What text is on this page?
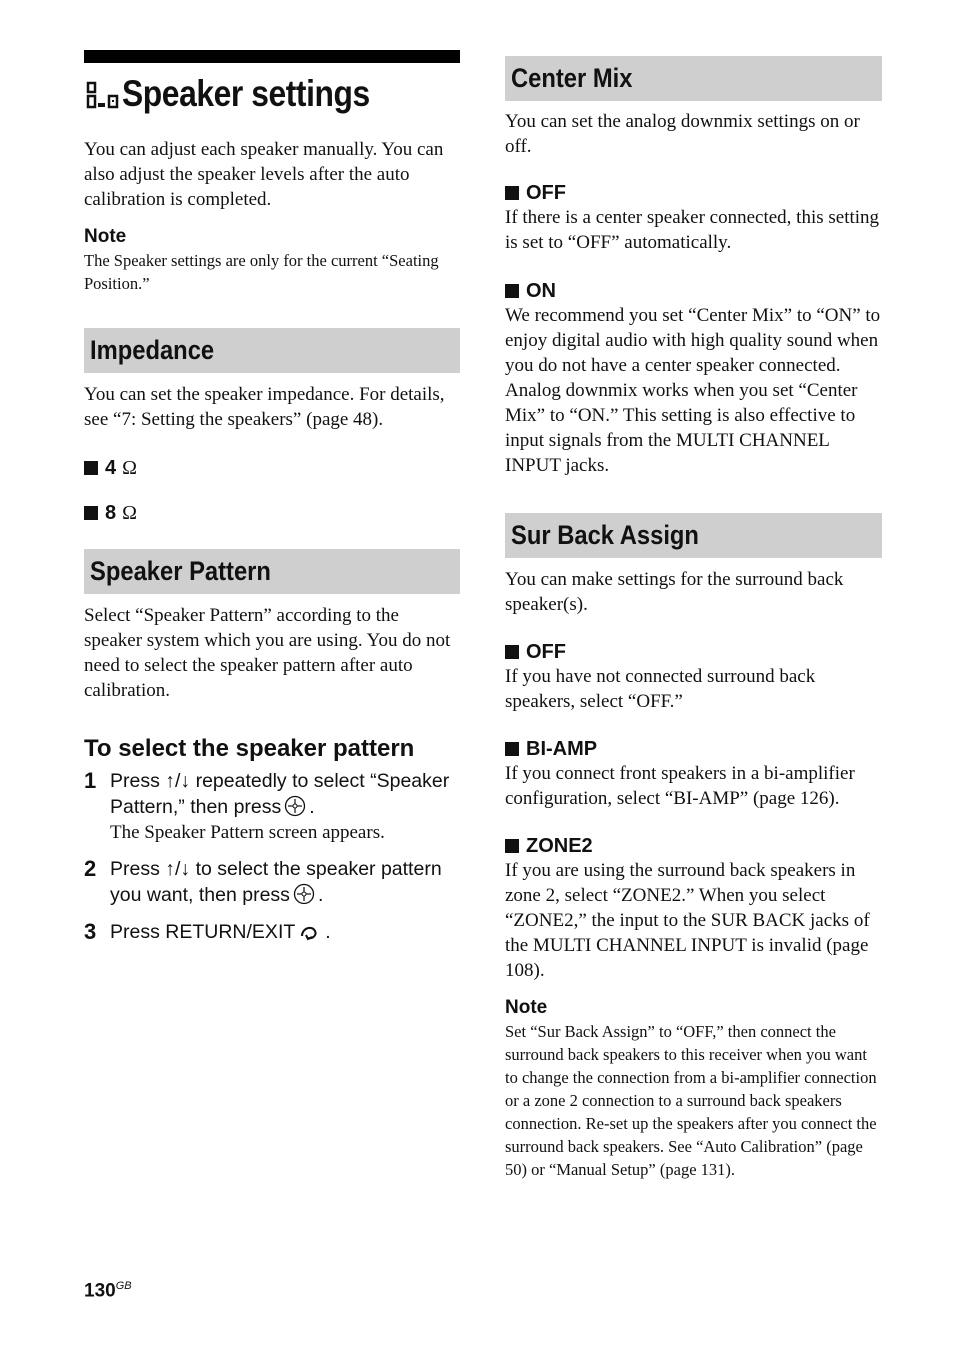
Speaker settings

You can adjust each speaker manually. You can also adjust the speaker levels after the auto calibration is completed.

Note

The Speaker settings are only for the current “Seating Position.”

Impedance

You can set the speaker impedance. For details, see “7: Setting the speakers” (page 48).

4 Ω

8 Ω

Speaker Pattern

Select “Speaker Pattern” according to the speaker system which you are using. You do not need to select the speaker pattern after auto calibration.

To select the speaker pattern

1 Press ↑/↓ repeatedly to select “Speaker Pattern,” then press .

The Speaker Pattern screen appears.

2 Press ↑/↓ to select the speaker pattern you want, then press .

3 Press RETURN/EXIT .

Center Mix

You can set the analog downmix settings on or off.

OFF

If there is a center speaker connected, this setting is set to “OFF” automatically.

ON

We recommend you set “Center Mix” to “ON” to enjoy digital audio with high quality sound when you do not have a center speaker connected. Analog downmix works when you set “Center Mix” to “ON.” This setting is also effective to input signals from the MULTI CHANNEL INPUT jacks.

Sur Back Assign

You can make settings for the surround back speaker(s).

OFF

If you have not connected surround back speakers, select “OFF.”

BI-AMP

If you connect front speakers in a bi-amplifier configuration, select “BI-AMP” (page 126).

ZONE2

If you are using the surround back speakers in zone 2, select “ZONE2.” When you select “ZONE2,” the input to the SUR BACK jacks of the MULTI CHANNEL INPUT is invalid (page 108).

Note

Set “Sur Back Assign” to “OFF,” then connect the surround back speakers to this receiver when you want to change the connection from a bi-amplifier connection or a zone 2 connection to a surround back speakers connection. Re-set up the speakers after you connect the surround back speakers. See “Auto Calibration” (page 50) or “Manual Setup” (page 131).

$130^{GB}$
